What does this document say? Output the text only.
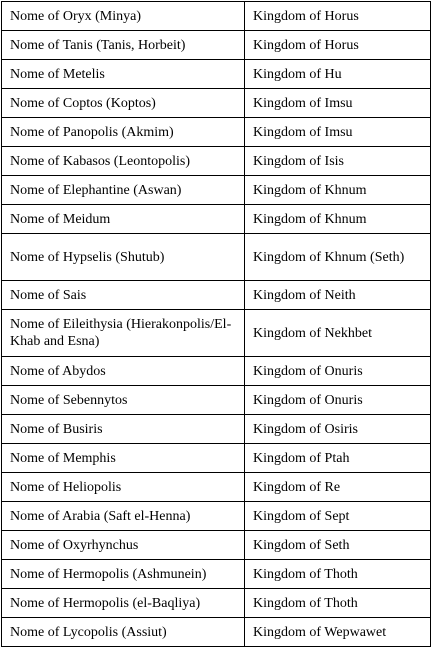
Nome of Oryx (Minya)	Kingdom of Horus
Nome of Tanis (Tanis, Horbeit)	Kingdom of Horus
Nome of Metelis	Kingdom of Hu
Nome of Coptos (Koptos)	Kingdom of Imsu
Nome of Panopolis (Akmim)	Kingdom of Imsu
Nome of Kabasos (Leontopolis)	Kingdom of Isis
Nome of Elephantine (Aswan)	Kingdom of Khnum
Nome of Meidum	Kingdom of Khnum
Nome of Hypselis (Shutub)	Kingdom of Khnum (Seth)
Nome of Sais	Kingdom of Neith
Nome of Eileithysia (Hierakonpolis/El-Khab and Esna)	Kingdom of Nekhbet
Nome of Abydos	Kingdom of Onuris
Nome of Sebennytos	Kingdom of Onuris
Nome of Busiris	Kingdom of Osiris
Nome of Memphis	Kingdom of Ptah
Nome of Heliopolis	Kingdom of Re
Nome of Arabia (Saft el-Henna)	Kingdom of Sept
Nome of Oxyrhynchus	Kingdom of Seth
Nome of Hermopolis (Ashmunein)	Kingdom of Thoth
Nome of Hermopolis (el-Baqliya)	Kingdom of Thoth
Nome of Lycopolis (Assiut)	Kingdom of Wepwawet
